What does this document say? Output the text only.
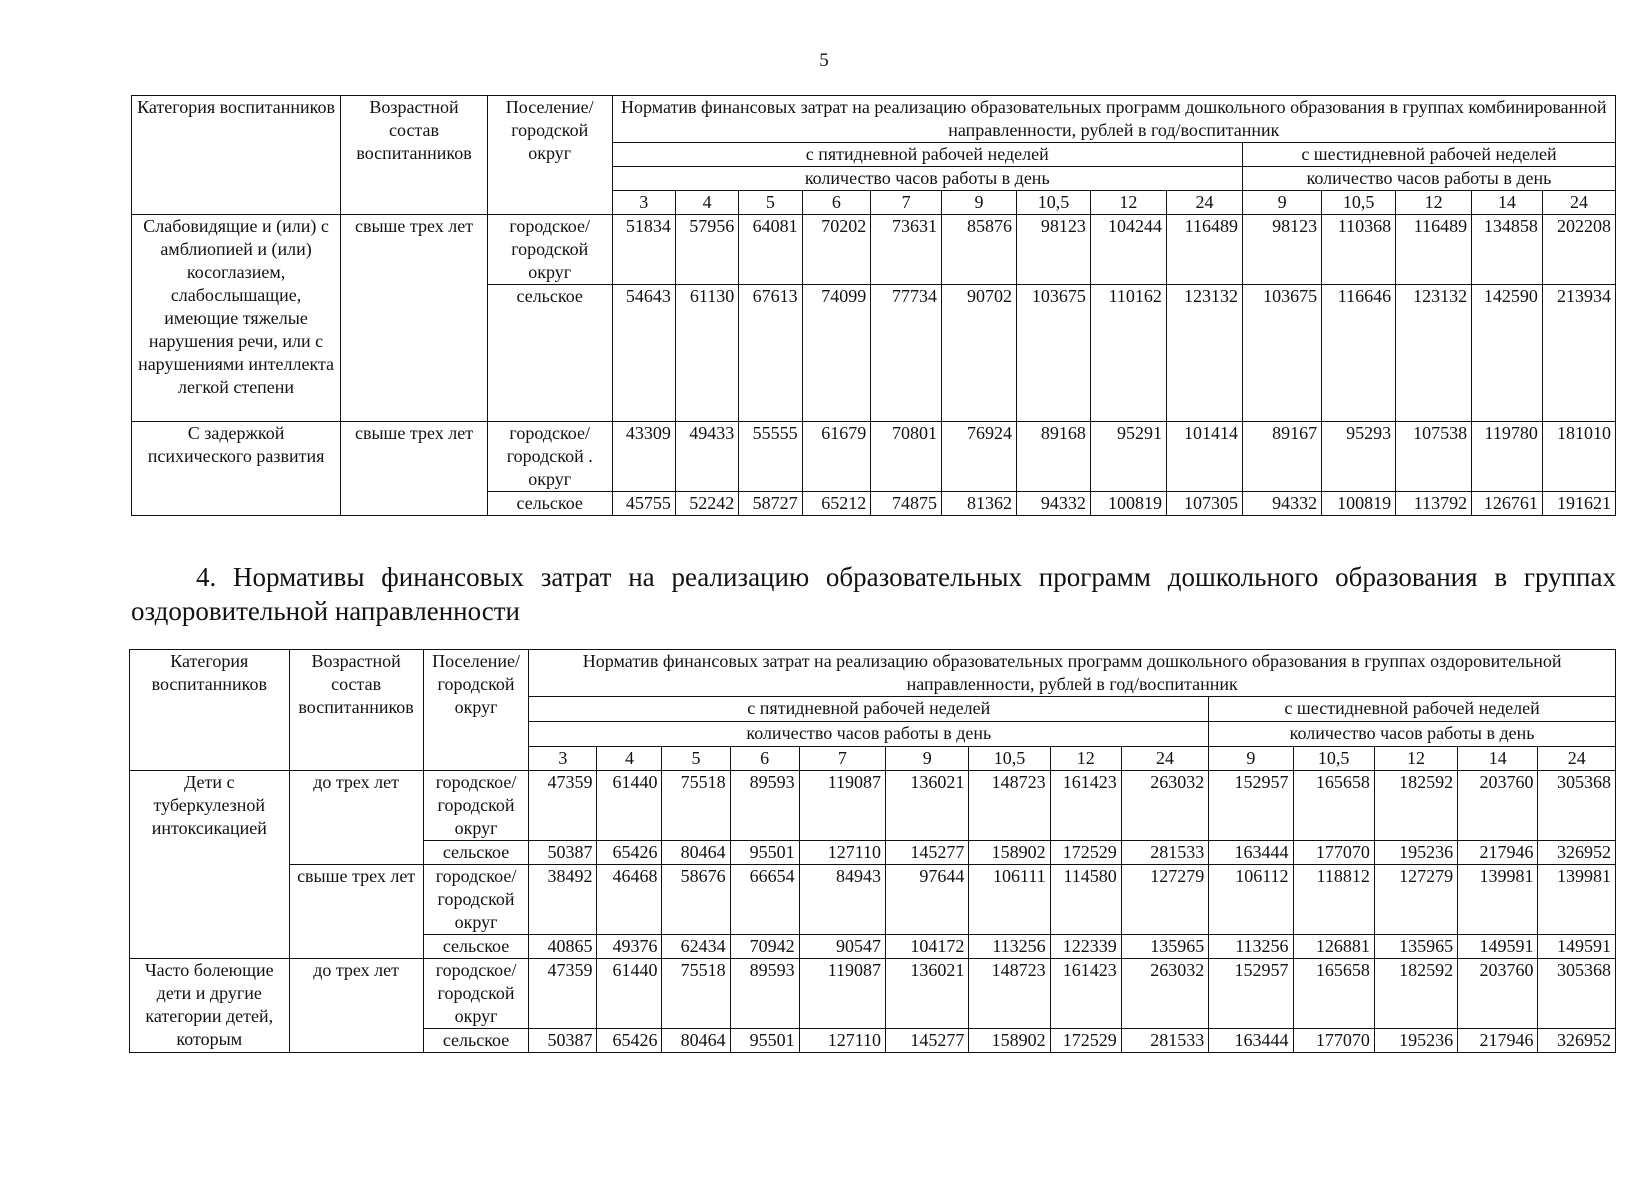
5
Категория воспитанников	Возрастной состав воспитанников	Поселение/ городской округ	Норматив финансовых затрат на реализацию образовательных программ дошкольного образования в группах комбинированной направленности, рублей в год/воспитанник													
			с пятидневной рабочей неделей									с шестидневной рабочей неделей				
			количество часов работы в день									количество часов работы в день				
			3	4	5	6	7	9	10,5	12	24	9	10,5	12	14	24
Слабовидящие и (или) с амблиопией и (или) косоглазием, слабослышащие, имеющие тяжелые нарушения речи, или с нарушениями интеллекта легкой степени	свыше трех лет	городское/ городской округ	51834	57956	64081	70202	73631	85876	98123	104244	116489	98123	110368	116489	134858	202208
		сельское	54643	61130	67613	74099	77734	90702	103675	110162	123132	103675	116646	123132	142590	213934
С задержкой психического развития	свыше трех лет	городское/ городской . округ	43309	49433	55555	61679	70801	76924	89168	95291	101414	89167	95293	107538	119780	181010
		сельское	45755	52242	58727	65212	74875	81362	94332	100819	107305	94332	100819	113792	126761	191621
4. Нормативы финансовых затрат на реализацию образовательных программ дошкольного образования в группах оздоровительной направленности
Категория воспитанников	Возрастной состав воспитанников	Поселение/ городской округ	Норматив финансовых затрат на реализацию образовательных программ дошкольного образования в группах оздоровительной направленности, рублей в год/воспитанник													
			с пятидневной рабочей неделей									с шестидневной рабочей неделей				
			количество часов работы в день									количество часов работы в день				
			3	4	5	6	7	9	10,5	12	24	9	10,5	12	14	24
Дети с туберкулезной интоксикацией	до трех лет	городское/ городской округ	47359	61440	75518	89593	119087	136021	148723	161423	263032	152957	165658	182592	203760	305368
		сельское	50387	65426	80464	95501	127110	145277	158902	172529	281533	163444	177070	195236	217946	326952
	свыше трех лет	городское/ городской округ	38492	46468	58676	66654	84943	97644	106111	114580	127279	106112	118812	127279	139981	139981
		сельское	40865	49376	62434	70942	90547	104172	113256	122339	135965	113256	126881	135965	149591	149591
Часто болеющие дети и другие категории детей, которым	до трех лет	городское/ городской округ	47359	61440	75518	89593	119087	136021	148723	161423	263032	152957	165658	182592	203760	305368
		сельское	50387	65426	80464	95501	127110	145277	158902	172529	281533	163444	177070	195236	217946	326952
